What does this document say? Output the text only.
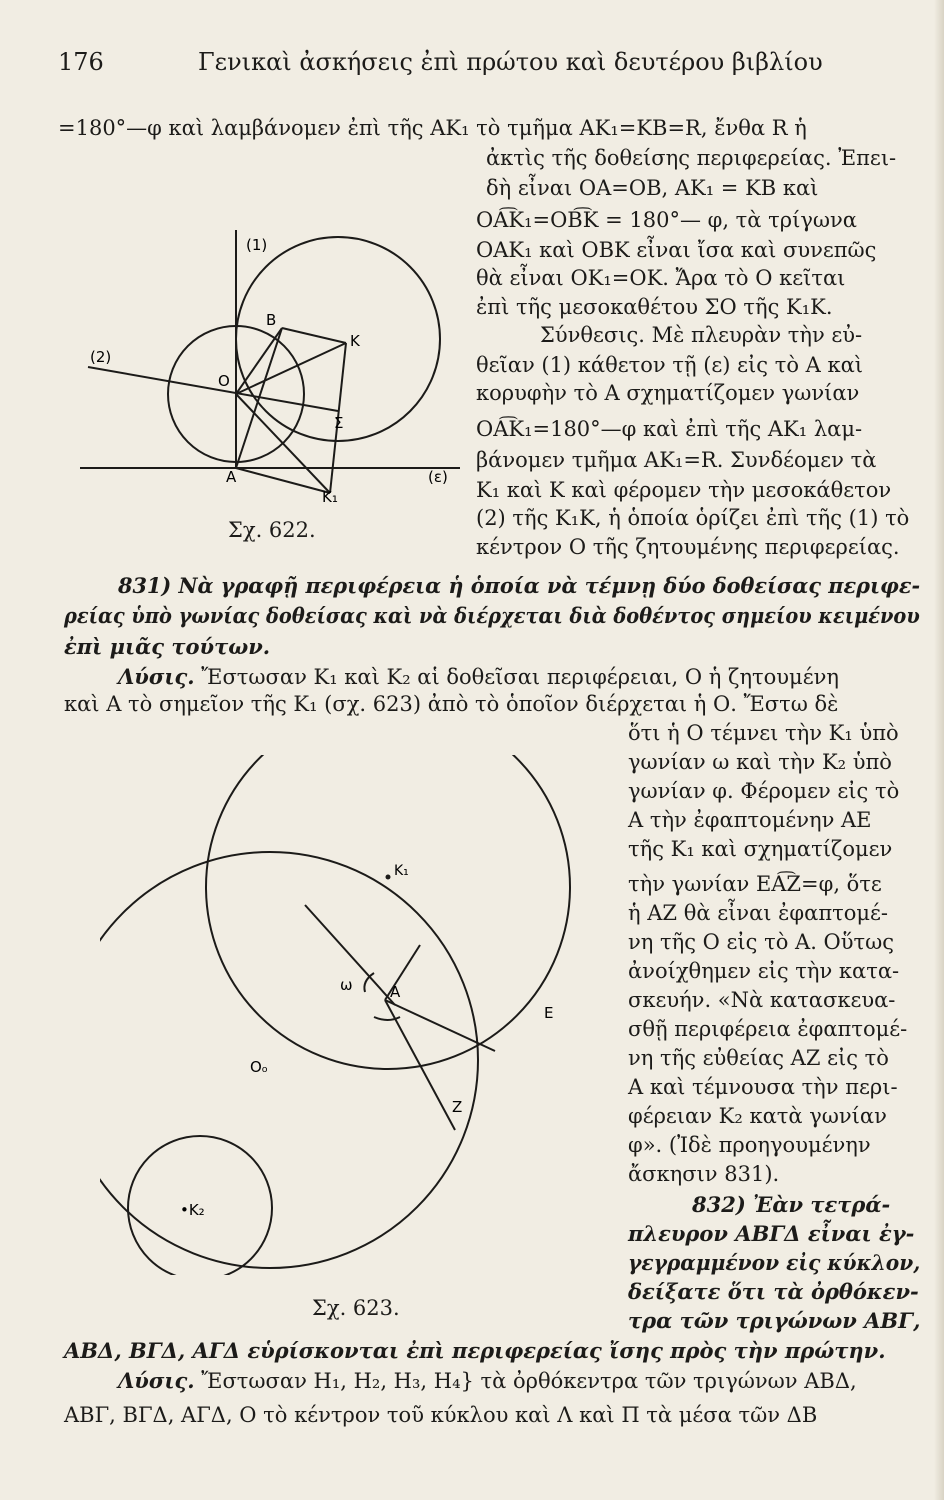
176	Γενικαὶ ἀσκήσεις ἐπὶ πρώτου καὶ δευτέρου βιβλίου
=180°—φ καὶ λαμβάνομεν ἐπὶ τῆς ΑΚ₁ τὸ τμῆμα ΑΚ₁=ΚΒ=R, ἔνθα R ἡ
ἀκτὶς τῆς δοθείσης περιφερείας. Ἐπει-
δὴ εἶναι ΟΑ=ΟΒ, ΑΚ₁ = ΚΒ καὶ
ΟΑ͡Κ₁=ΟΒ͡Κ = 180°— φ, τὰ τρίγωνα
ΟΑΚ₁ καὶ ΟΒΚ εἶναι ἴσα καὶ συνεπῶς
θὰ εἶναι ΟΚ₁=ΟΚ. Ἄρα τὸ Ο κεῖται
ἐπὶ τῆς μεσοκαθέτου ΣΟ τῆς Κ₁Κ.
Σύνθεσις. Μὲ πλευρὰν τὴν εὐ-
θεῖαν (1) κάθετον τῇ (ε) εἰς τὸ Α καὶ
κορυφὴν τὸ Α σχηματίζομεν γωνίαν
ΟΑ͡Κ₁=180°—φ καὶ ἐπὶ τῆς ΑΚ₁ λαμ-
βάνομεν τμῆμα ΑΚ₁=R. Συνδέομεν τὰ
Κ₁ καὶ Κ καὶ φέρομεν τὴν μεσοκάθετον
(2) τῆς Κ₁Κ, ἡ ὁποία ὁρίζει ἐπὶ τῆς (1) τὸ
κέντρον Ο τῆς ζητουμένης περιφερείας.
(1)
(2)
(ε)
B
K
O
Σ
A
K₁
Σχ. 622.
831) Νὰ γραφῇ περιφέρεια ἡ ὁποία νὰ τέμνῃ δύο δοθείσας περιφε-
ρείας ὑπὸ γωνίας δοθείσας καὶ νὰ διέρχεται διὰ δοθέντος σημείου κειμένου
ἐπὶ μιᾶς τούτων.
Λύσις. Ἔστωσαν Κ₁ καὶ Κ₂ αἱ δοθεῖσαι περιφέρειαι, Ο ἡ ζητουμένη
καὶ Α τὸ σημεῖον τῆς Κ₁ (σχ. 623) ἀπὸ τὸ ὁποῖον διέρχεται ἡ Ο. Ἔστω δὲ
ὅτι ἡ Ο τέμνει τὴν Κ₁ ὑπὸ
γωνίαν ω καὶ τὴν Κ₂ ὑπὸ
γωνίαν φ. Φέρομεν εἰς τὸ
Α τὴν ἐφαπτομένην ΑΕ
τῆς Κ₁ καὶ σχηματίζομεν
τὴν γωνίαν ΕΑ͡Ζ=φ, ὅτε
ἡ ΑΖ θὰ εἶναι ἐφαπτομέ-
νη τῆς Ο εἰς τὸ Α. Οὕτως
ἀνοίχθημεν εἰς τὴν κατα-
σκευήν. «Νὰ κατασκευα-
σθῇ περιφέρεια ἐφαπτομέ-
νη τῆς εὐθείας ΑΖ εἰς τὸ
Α καὶ τέμνουσα τὴν περι-
φέρειαν Κ₂ κατὰ γωνίαν
φ». (Ἰδὲ προηγουμένην
ἄσκησιν 831).
K₁
ω A
E
Oₒ
Z
•K₂
Σχ. 623.
832) Ἐὰν τετρά-
πλευρον ΑΒΓΔ εἶναι ἐγ-
γεγραμμένον εἰς κύκλον,
δείξατε ὅτι τὰ ὀρθόκεν-
τρα τῶν τριγώνων ΑΒΓ,
ΑΒΔ, ΒΓΔ, ΑΓΔ εὑρίσκονται ἐπὶ περιφερείας ἴσης πρὸς τὴν πρώτην.
Λύσις. Ἔστωσαν Η₁, Η₂, Η₃, Η₄} τὰ ὀρθόκεντρα τῶν τριγώνων ΑΒΔ,
ΑΒΓ, ΒΓΔ, ΑΓΔ, Ο τὸ κέντρον τοῦ κύκλου καὶ Λ καὶ Π τὰ μέσα τῶν ΔΒ
